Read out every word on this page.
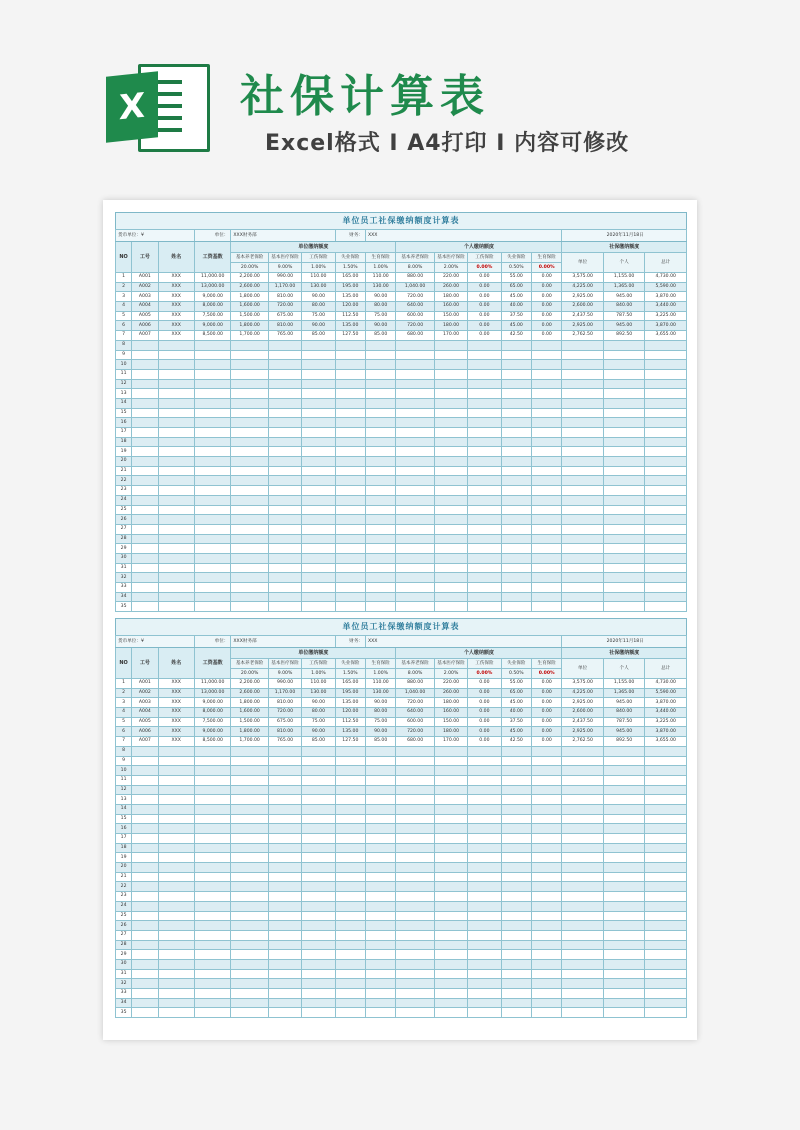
X 社保计算表
Excel格式 I A4打印 I 内容可修改
单位员工社保缴纳额度计算表
货币单位：¥			单位：	XXX财务部			财务：	XXX						2020年11月18日		
NO	工号	姓名	工资基数	单位缴纳额度					个人缴纳额度					社保缴纳额度		
				基本养老保险	基本医疗保险	工伤保险	失业保险	生育保险	基本养老保险	基本医疗保险	工伤保险	失业保险	生育保险	单位	个人	总计
				20.00%	9.00%	1.00%	1.50%	1.00%	8.00%	2.00%	0.00%	0.50%	0.00%			
1	A001	XXX	11,000.00	2,200.00	990.00	110.00	165.00	110.00	880.00	220.00	0.00	55.00	0.00	3,575.00	1,155.00	4,730.00
2	A002	XXX	13,000.00	2,600.00	1,170.00	130.00	195.00	130.00	1,040.00	260.00	0.00	65.00	0.00	4,225.00	1,365.00	5,590.00
3	A003	XXX	9,000.00	1,800.00	810.00	90.00	135.00	90.00	720.00	180.00	0.00	45.00	0.00	2,925.00	945.00	3,870.00
4	A004	XXX	8,000.00	1,600.00	720.00	80.00	120.00	80.00	640.00	160.00	0.00	40.00	0.00	2,600.00	840.00	3,440.00
5	A005	XXX	7,500.00	1,500.00	675.00	75.00	112.50	75.00	600.00	150.00	0.00	37.50	0.00	2,437.50	787.50	3,225.00
6	A006	XXX	9,000.00	1,800.00	810.00	90.00	135.00	90.00	720.00	180.00	0.00	45.00	0.00	2,925.00	945.00	3,870.00
7	A007	XXX	8,500.00	1,700.00	765.00	85.00	127.50	85.00	680.00	170.00	0.00	42.50	0.00	2,762.50	892.50	3,655.00
8																
9																
10																
11																
12																
13																
14																
15																
16																
17																
18																
19																
20																
21																
22																
23																
24																
25																
26																
27																
28																
29																
30																
31																
32																
33																
34																
35																
单位员工社保缴纳额度计算表
货币单位：¥			单位：	XXX财务部			财务：	XXX						2020年11月18日		
NO	工号	姓名	工资基数	单位缴纳额度					个人缴纳额度					社保缴纳额度		
				基本养老保险	基本医疗保险	工伤保险	失业保险	生育保险	基本养老保险	基本医疗保险	工伤保险	失业保险	生育保险	单位	个人	总计
				20.00%	9.00%	1.00%	1.50%	1.00%	8.00%	2.00%	0.00%	0.50%	0.00%			
1	A001	XXX	11,000.00	2,200.00	990.00	110.00	165.00	110.00	880.00	220.00	0.00	55.00	0.00	3,575.00	1,155.00	4,730.00
2	A002	XXX	13,000.00	2,600.00	1,170.00	130.00	195.00	130.00	1,040.00	260.00	0.00	65.00	0.00	4,225.00	1,365.00	5,590.00
3	A003	XXX	9,000.00	1,800.00	810.00	90.00	135.00	90.00	720.00	180.00	0.00	45.00	0.00	2,925.00	945.00	3,870.00
4	A004	XXX	8,000.00	1,600.00	720.00	80.00	120.00	80.00	640.00	160.00	0.00	40.00	0.00	2,600.00	840.00	3,440.00
5	A005	XXX	7,500.00	1,500.00	675.00	75.00	112.50	75.00	600.00	150.00	0.00	37.50	0.00	2,437.50	787.50	3,225.00
6	A006	XXX	9,000.00	1,800.00	810.00	90.00	135.00	90.00	720.00	180.00	0.00	45.00	0.00	2,925.00	945.00	3,870.00
7	A007	XXX	8,500.00	1,700.00	765.00	85.00	127.50	85.00	680.00	170.00	0.00	42.50	0.00	2,762.50	892.50	3,655.00
8																
9																
10																
11																
12																
13																
14																
15																
16																
17																
18																
19																
20																
21																
22																
23																
24																
25																
26																
27																
28																
29																
30																
31																
32																
33																
34																
35																
